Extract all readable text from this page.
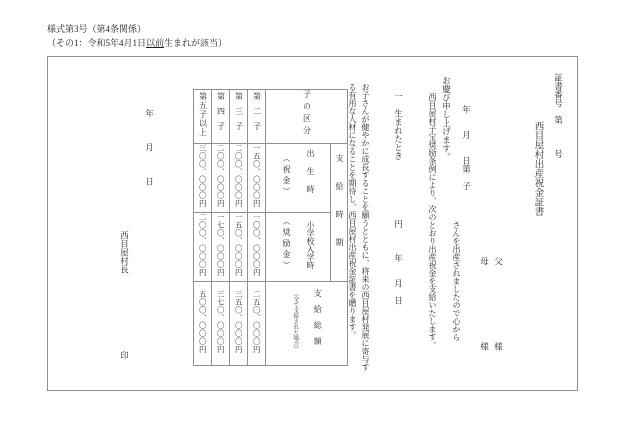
様式第3号（第4条関係）
（その1：令和5年4月1日以前生まれが該当）
証書番号　第　　　号
西目屋村出産祝金証書
父　　　　　　　　　様
母　　　　　　　　　様
年　　月　　日第　子
さんを出産されましたので心から
お慶び申し上げます。
西目屋村子宝奨励条例により、次のとおり出産祝金を支給いたします。
一　生まれたとき　　　　　　　円　　　年　　月　日
お子さんが健やかに成長することを願うとともに、将来の西目屋村発展に寄与す
る有用な人材になることを期待し、西目屋村出産祝金証書を贈ります。
第五子以上	第四子	第三子	第二子	子の区分	
三〇〇、〇〇〇円	二〇〇、〇〇〇円	二〇〇、〇〇〇円	一五〇、〇〇〇円	出生時

（祝金）	支給時期
二〇〇、〇〇〇円	一七〇、〇〇〇円	一五〇、〇〇〇円	一〇〇、〇〇〇円	小学校入学時

（奨励金）	

五〇〇、〇〇〇円	三七〇、〇〇〇円	三五〇、〇〇〇円	二五〇、〇〇〇円	支給総額

（全て支給された場合）	

年　　　月　　　日
西目屋村長
印
